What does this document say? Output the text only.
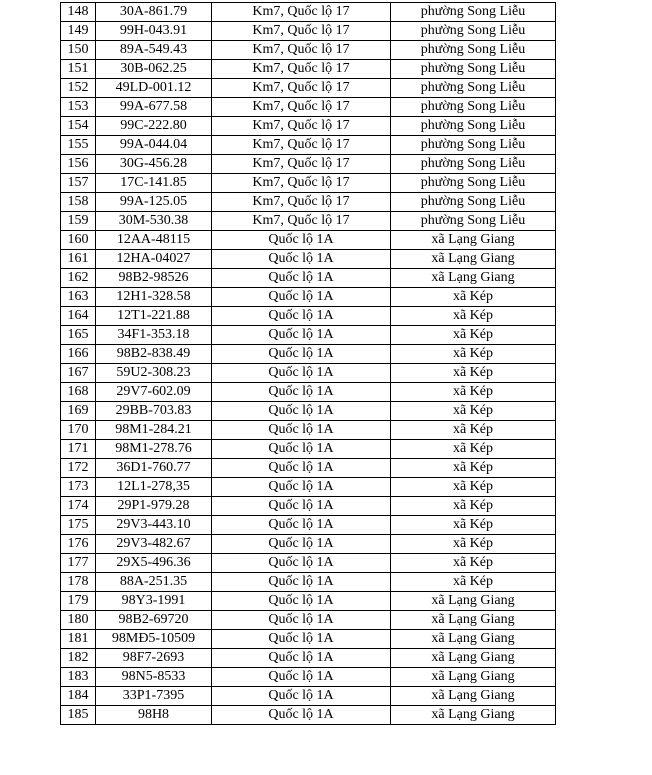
148	30A-861.79	Km7, Quốc lộ 17	phường Song Liễu
149	99H-043.91	Km7, Quốc lộ 17	phường Song Liễu
150	89A-549.43	Km7, Quốc lộ 17	phường Song Liễu
151	30B-062.25	Km7, Quốc lộ 17	phường Song Liễu
152	49LD-001.12	Km7, Quốc lộ 17	phường Song Liễu
153	99A-677.58	Km7, Quốc lộ 17	phường Song Liễu
154	99C-222.80	Km7, Quốc lộ 17	phường Song Liễu
155	99A-044.04	Km7, Quốc lộ 17	phường Song Liễu
156	30G-456.28	Km7, Quốc lộ 17	phường Song Liễu
157	17C-141.85	Km7, Quốc lộ 17	phường Song Liễu
158	99A-125.05	Km7, Quốc lộ 17	phường Song Liễu
159	30M-530.38	Km7, Quốc lộ 17	phường Song Liễu
160	12AA-48115	Quốc lộ 1A	xã Lạng Giang
161	12HA-04027	Quốc lộ 1A	xã Lạng Giang
162	98B2-98526	Quốc lộ 1A	xã Lạng Giang
163	12H1-328.58	Quốc lộ 1A	xã Kép
164	12T1-221.88	Quốc lộ 1A	xã Kép
165	34F1-353.18	Quốc lộ 1A	xã Kép
166	98B2-838.49	Quốc lộ 1A	xã Kép
167	59U2-308.23	Quốc lộ 1A	xã Kép
168	29V7-602.09	Quốc lộ 1A	xã Kép
169	29BB-703.83	Quốc lộ 1A	xã Kép
170	98M1-284.21	Quốc lộ 1A	xã Kép
171	98M1-278.76	Quốc lộ 1A	xã Kép
172	36D1-760.77	Quốc lộ 1A	xã Kép
173	12L1-278,35	Quốc lộ 1A	xã Kép
174	29P1-979.28	Quốc lộ 1A	xã Kép
175	29V3-443.10	Quốc lộ 1A	xã Kép
176	29V3-482.67	Quốc lộ 1A	xã Kép
177	29X5-496.36	Quốc lộ 1A	xã Kép
178	88A-251.35	Quốc lộ 1A	xã Kép
179	98Y3-1991	Quốc lộ 1A	xã Lạng Giang
180	98B2-69720	Quốc lộ 1A	xã Lạng Giang
181	98MĐ5-10509	Quốc lộ 1A	xã Lạng Giang
182	98F7-2693	Quốc lộ 1A	xã Lạng Giang
183	98N5-8533	Quốc lộ 1A	xã Lạng Giang
184	33P1-7395	Quốc lộ 1A	xã Lạng Giang
185	98H8	Quốc lộ 1A	xã Lạng Giang
